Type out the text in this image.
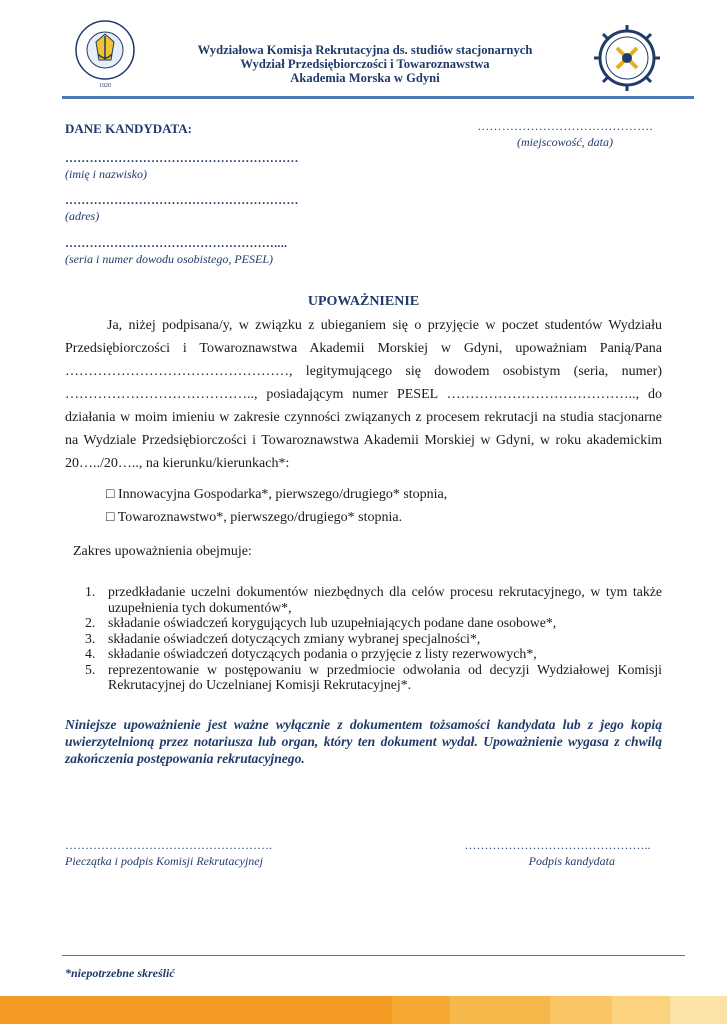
1920
Wydziałowa Komisja Rekrutacyjna ds. studiów stacjonarnych
Wydział Przedsiębiorczości i Towaroznawstwa
Akademia Morska w Gdyni
DANE KANDYDATA:	…………………………………….
(miejscowość, data)
…………………………………………………
(imię i nazwisko)
…………………………………………………
(adres)
……………………………………………....
(seria i numer dowodu osobistego, PESEL)
UPOWAŻNIENIE
Ja, niżej podpisana/y, w związku z ubieganiem się o przyjęcie w poczet studentów Wydziału Przedsiębiorczości i Towaroznawstwa Akademii Morskiej w Gdyni, upoważniam Panią/Pana …………………………………………, legitymującego się dowodem osobistym (seria, numer) ………………………………….., posiadającym numer PESEL ………………………………….., do działania w moim imieniu w zakresie czynności związanych z procesem rekrutacji na studia stacjonarne na Wydziale Przedsiębiorczości i Towaroznawstwa Akademii Morskiej w Gdyni, w roku akademickim 20…../20….., na kierunku/kierunkach*:
□ Innowacyjna Gospodarka*, pierwszego/drugiego* stopnia,
□ Towaroznawstwo*, pierwszego/drugiego* stopnia.
Zakres upoważnienia obejmuje:
1. przedkładanie uczelni dokumentów niezbędnych dla celów procesu rekrutacyjnego, w tym także uzupełnienia tych dokumentów*,
2. składanie oświadczeń korygujących lub uzupełniających podane dane osobowe*,
3. składanie oświadczeń dotyczących zmiany wybranej specjalności*,
4. składanie oświadczeń dotyczących podania o przyjęcie z listy rezerwowych*,
5. reprezentowanie w postępowaniu w przedmiocie odwołania od decyzji Wydziałowej Komisji Rekrutacyjnej do Uczelnianej Komisji Rekrutacyjnej*.
Niniejsze upoważnienie jest ważne wyłącznie z dokumentem tożsamości kandydata lub z jego kopią uwierzytelnioną przez notariusza lub organ, który ten dokument wydał. Upoważnienie wygasa z chwilą zakończenia postępowania rekrutacyjnego.
…………………………………………….
Pieczątka i podpis Komisji Rekrutacyjnej
………………………………………..
Podpis kandydata
*niepotrzebne skreślić
